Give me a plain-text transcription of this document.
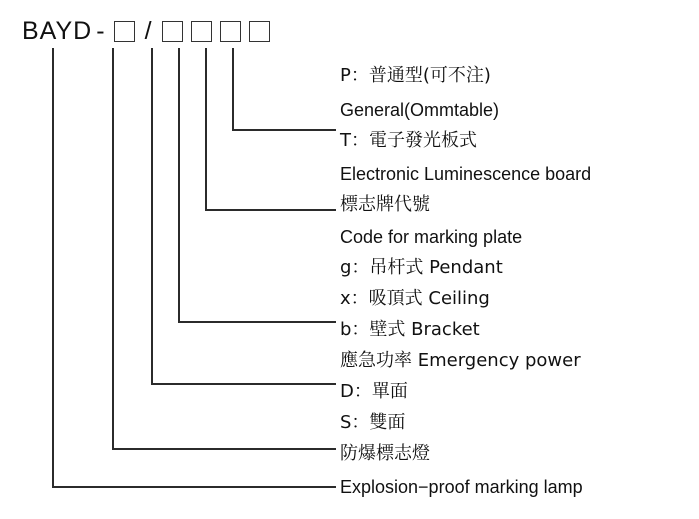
BAYD - /
P：普通型(可不注)
General(Ommtable)
T：電子發光板式
Electronic Luminescence board
標志牌代號
Code for marking plate
g：吊杆式 Pendant
x：吸頂式 Ceiling
b：壁式 Bracket
應急功率 Emergency power
D：單面
S：雙面
防爆標志燈
Explosion−proof marking lamp
